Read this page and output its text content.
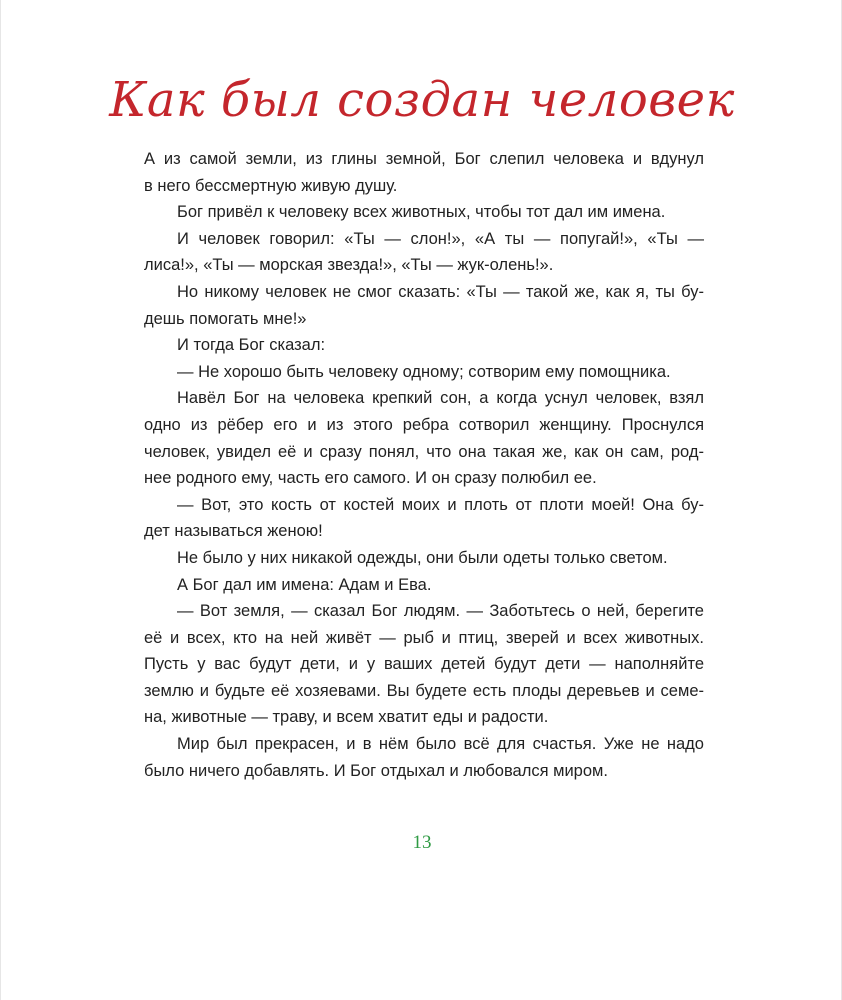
Как был создан человек
А из самой земли, из глины земной, Бог слепил человека и вдунул
в него бессмертную живую душу.
Бог привёл к человеку всех животных, чтобы тот дал им имена.
И человек говорил: «Ты — слон!», «А ты — попугай!», «Ты —
лиса!», «Ты — морская звезда!», «Ты — жук-олень!».
Но никому человек не смог сказать: «Ты — такой же, как я, ты бу-
дешь помогать мне!»
И тогда Бог сказал:
— Не хорошо быть человеку одному; сотворим ему помощника.
Навёл Бог на человека крепкий сон, а когда уснул человек, взял
одно из рёбер его и из этого ребра сотворил женщину. Проснулся
человек, увидел её и сразу понял, что она такая же, как он сам, род-
нее родного ему, часть его самого. И он сразу полюбил ее.
— Вот, это кость от костей моих и плоть от плоти моей! Она бу-
дет называться женою!
Не было у них никакой одежды, они были одеты только светом.
А Бог дал им имена: Адам и Ева.
— Вот земля, — сказал Бог людям. — Заботьтесь о ней, берегите
её и всех, кто на ней живёт — рыб и птиц, зверей и всех животных.
Пусть у вас будут дети, и у ваших детей будут дети — наполняйте
землю и будьте её хозяевами. Вы будете есть плоды деревьев и семе-
на, животные — траву, и всем хватит еды и радости.
Мир был прекрасен, и в нём было всё для счастья. Уже не надо
было ничего добавлять. И Бог отдыхал и любовался миром.
13
